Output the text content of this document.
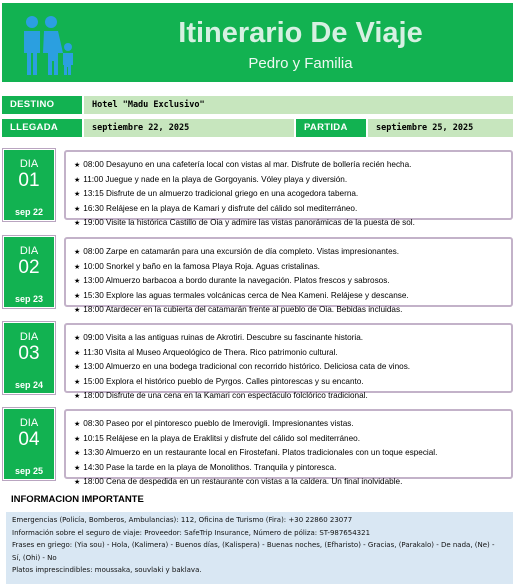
Itinerario De Viaje
Pedro y Familia
DESTINO	Hotel "Madu Exclusivo"
LLEGADA	septiembre 22, 2025	PARTIDA	septiembre 25, 2025
DIA
01
sep 22
★ 08:00 Desayuno en una cafetería local con vistas al mar. Disfrute de bollería recién hecha.
★ 11:00 Juegue y nade en la playa de Gorgoyanis. Vóley playa y diversión.
★ 13:15 Disfrute de un almuerzo tradicional griego en una acogedora taberna.
★ 16:30 Relájese en la playa de Kamari y disfrute del cálido sol mediterráneo.
★ 19:00 Visite la histórica Castillo de Oia y admire las vistas panorámicas de la puesta de sol.
DIA
02
sep 23
★ 08:00 Zarpe en catamarán para una excursión de día completo. Vistas impresionantes.
★ 10:00 Snorkel y baño en la famosa Playa Roja. Aguas cristalinas.
★ 13:00 Almuerzo barbacoa a bordo durante la navegación. Platos frescos y sabrosos.
★ 15:30 Explore las aguas termales volcánicas cerca de Nea Kameni. Relájese y descanse.
★ 18:00 Atardecer en la cubierta del catamarán frente al pueblo de Oia. Bebidas incluidas.
DIA
03
sep 24
★ 09:00 Visita a las antiguas ruinas de Akrotiri. Descubre su fascinante historia.
★ 11:30 Visita al Museo Arqueológico de Thera. Rico patrimonio cultural.
★ 13:00 Almuerzo en una bodega tradicional con recorrido histórico. Deliciosa cata de vinos.
★ 15:00 Explora el histórico pueblo de Pyrgos. Calles pintorescas y su encanto.
★ 18:00 Disfrute de una cena en la Kamari con espectáculo folclórico tradicional.
DIA
04
sep 25
★ 08:30 Paseo por el pintoresco pueblo de Imerovigli. Impresionantes vistas.
★ 10:15 Relájese en la playa de Eraklitsi y disfrute del cálido sol mediterráneo.
★ 13:30 Almuerzo en un restaurante local en Firostefani. Platos tradicionales con un toque especial.
★ 14:30 Pase la tarde en la playa de Monolithos. Tranquila y pintoresca.
★ 18:00 Cena de despedida en un restaurante con vistas a la caldera. Un final inolvidable.
INFORMACION IMPORTANTE
Emergencias (Policía, Bomberos, Ambulancias): 112, Oficina de Turismo (Fira): +30 22860 23077
Información sobre el seguro de viaje: Proveedor: SafeTrip Insurance, Número de póliza: ST-987654321
Frases en griego: (Yia sou) - Hola, (Kalimera) - Buenos días, (Kalispera) - Buenas noches, (Efharisto) - Gracias, (Parakalo) - De nada, (Ne) -
Sí, (Ohi) - No
Platos imprescindibles: moussaka, souvlaki y baklava.
